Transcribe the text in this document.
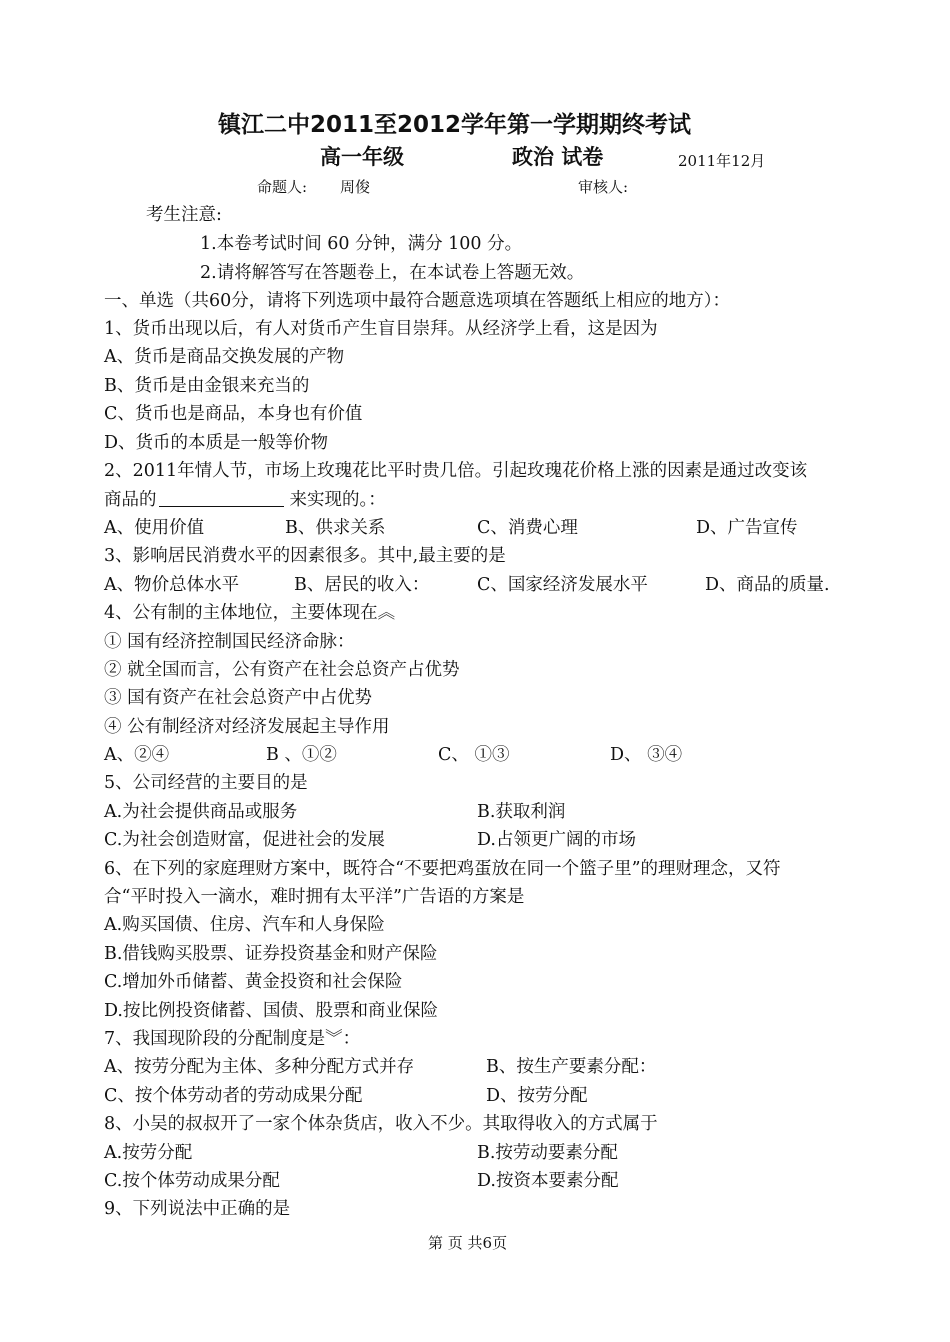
镇江二中2011至2012学年第一学期期终考试
高一年级	政治 试卷	2011年12月
命题人: 周俊	审核人:
考生注意:
1.本卷考试时间 60 分钟，满分 100 分。
2.请将解答写在答题卷上，在本试卷上答题无效。
一、单选（共60分，请将下列选项中最符合题意选项填在答题纸上相应的地方）：
1、货币出现以后，有人对货币产生盲目崇拜。从经济学上看，这是因为
A、货币是商品交换发展的产物
B、货币是由金银来充当的
C、货币也是商品，本身也有价值
D、货币的本质是一般等价物
2、2011年情人节，市场上玫瑰花比平时贵几倍。引起玫瑰花价格上涨的因素是通过改变该
商品的	来实现的。：
A、使用价值	B、供求关系	C、消费心理	D、广告宣传
3、影响居民消费水平的因素很多。其中,最主要的是
A、物价总体水平	B、居民的收入：	C、国家经济发展水平	D、商品的质量.
4、公有制的主体地位，主要体现在︽
① 国有经济控制国民经济命脉：
② 就全国而言，公有资产在社会总资产占优势
③ 国有资产在社会总资产中占优势
④ 公有制经济对经济发展起主导作用
A、②④	B 、①②	C、 ①③	D、 ③④
5、公司经营的主要目的是
A.为社会提供商品或服务	B.获取利润
C.为社会创造财富，促进社会的发展	D.占领更广阔的市场
6、在下列的家庭理财方案中，既符合“不要把鸡蛋放在同一个篮子里”的理财理念，又符
合“平时投入一滴水，难时拥有太平洋”广告语的方案是
A.购买国债、住房、汽车和人身保险
B.借钱购买股票、证券投资基金和财产保险
C.增加外币储蓄、黄金投资和社会保险
D.按比例投资储蓄、国债、股票和商业保险
7、我国现阶段的分配制度是︾：
A、按劳分配为主体、多种分配方式并存	B、按生产要素分配：
C、按个体劳动者的劳动成果分配	D、按劳分配
8、小吴的叔叔开了一家个体杂货店，收入不少。其取得收入的方式属于
A.按劳分配	B.按劳动要素分配
C.按个体劳动成果分配	D.按资本要素分配
9、下列说法中正确的是
第 页 共6页
